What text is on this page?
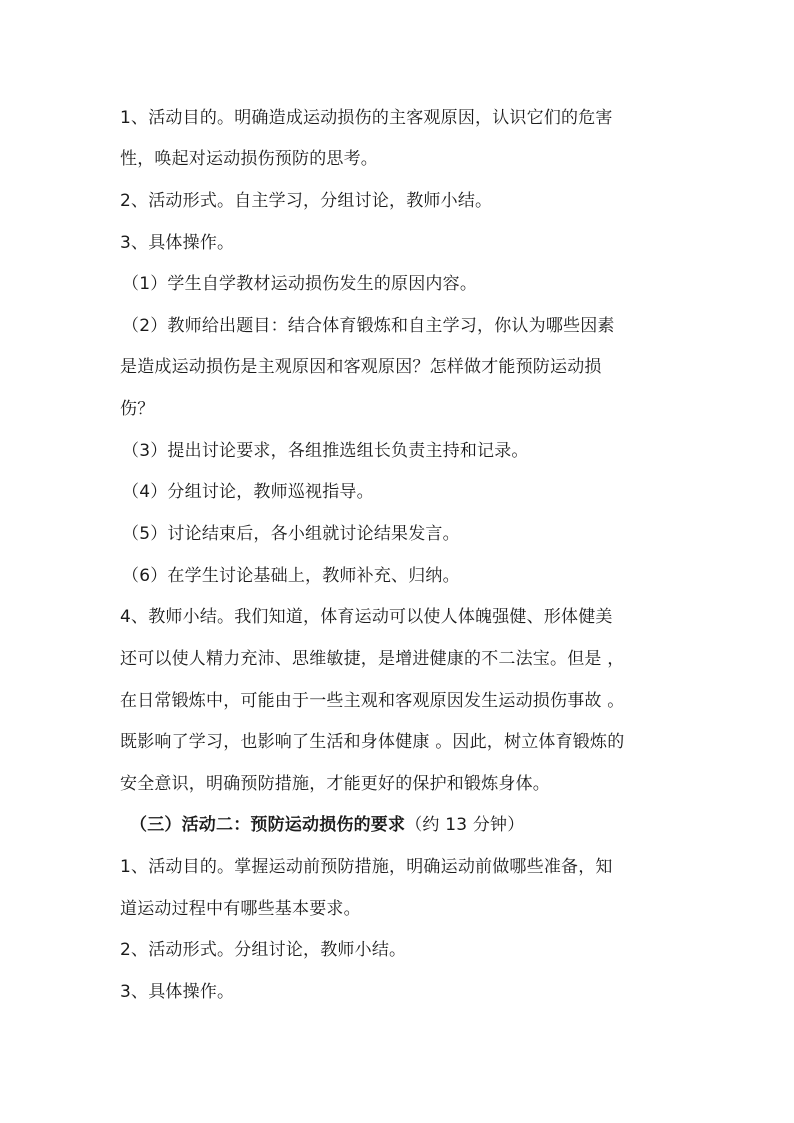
1、活动目的。明确造成运动损伤的主客观原因，认识它们的危害
性，唤起对运动损伤预防的思考。
2、活动形式。自主学习，分组讨论，教师小结。
3、具体操作。
（1）学生自学教材运动损伤发生的原因内容。
（2）教师给出题目：结合体育锻炼和自主学习，你认为哪些因素
是造成运动损伤是主观原因和客观原因？怎样做才能预防运动损
伤？
（3）提出讨论要求，各组推选组长负责主持和记录。
（4）分组讨论，教师巡视指导。
（5）讨论结束后，各小组就讨论结果发言。
（6）在学生讨论基础上，教师补充、归纳。
4、教师小结。我们知道，体育运动可以使人体魄强健、形体健美
还可以使人精力充沛、思维敏捷，是增进健康的不二法宝。但是 ，
在日常锻炼中，可能由于一些主观和客观原因发生运动损伤事故 。
既影响了学习，也影响了生活和身体健康 。因此，树立体育锻炼的
安全意识，明确预防措施，才能更好的保护和锻炼身体。
（三）活动二：预防运动损伤的要求（约 13 分钟）
1、活动目的。掌握运动前预防措施，明确运动前做哪些准备，知
道运动过程中有哪些基本要求。
2、活动形式。分组讨论，教师小结。
3、具体操作。
